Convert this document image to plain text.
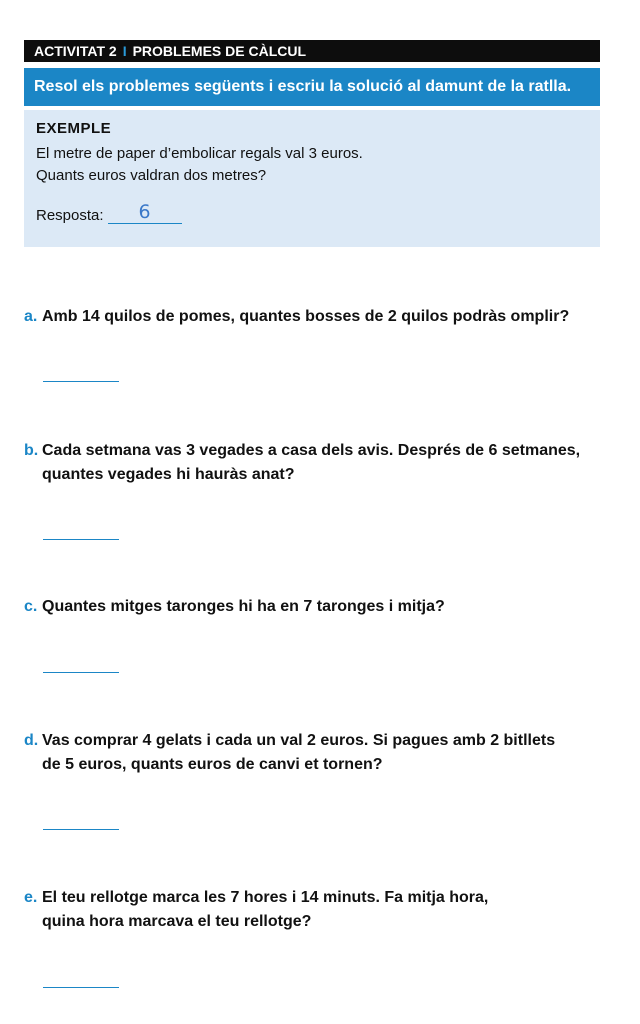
ACTIVITAT 2 I PROBLEMES DE CÀLCUL
Resol els problemes següents i escriu la solució al damunt de la ratlla.
EXEMPLE
El metre de paper d’embolicar regals val 3 euros.
Quants euros valdran dos metres?
Resposta:	6
a. Amb 14 quilos de pomes, quantes bosses de 2 quilos podràs omplir?
b. Cada setmana vas 3 vegades a casa dels avis. Després de 6 setmanes,
quantes vegades hi hauràs anat?
c. Quantes mitges taronges hi ha en 7 taronges i mitja?
d. Vas comprar 4 gelats i cada un val 2 euros. Si pagues amb 2 bitllets
de 5 euros, quants euros de canvi et tornen?
e. El teu rellotge marca les 7 hores i 14 minuts. Fa mitja hora,
quina hora marcava el teu rellotge?
